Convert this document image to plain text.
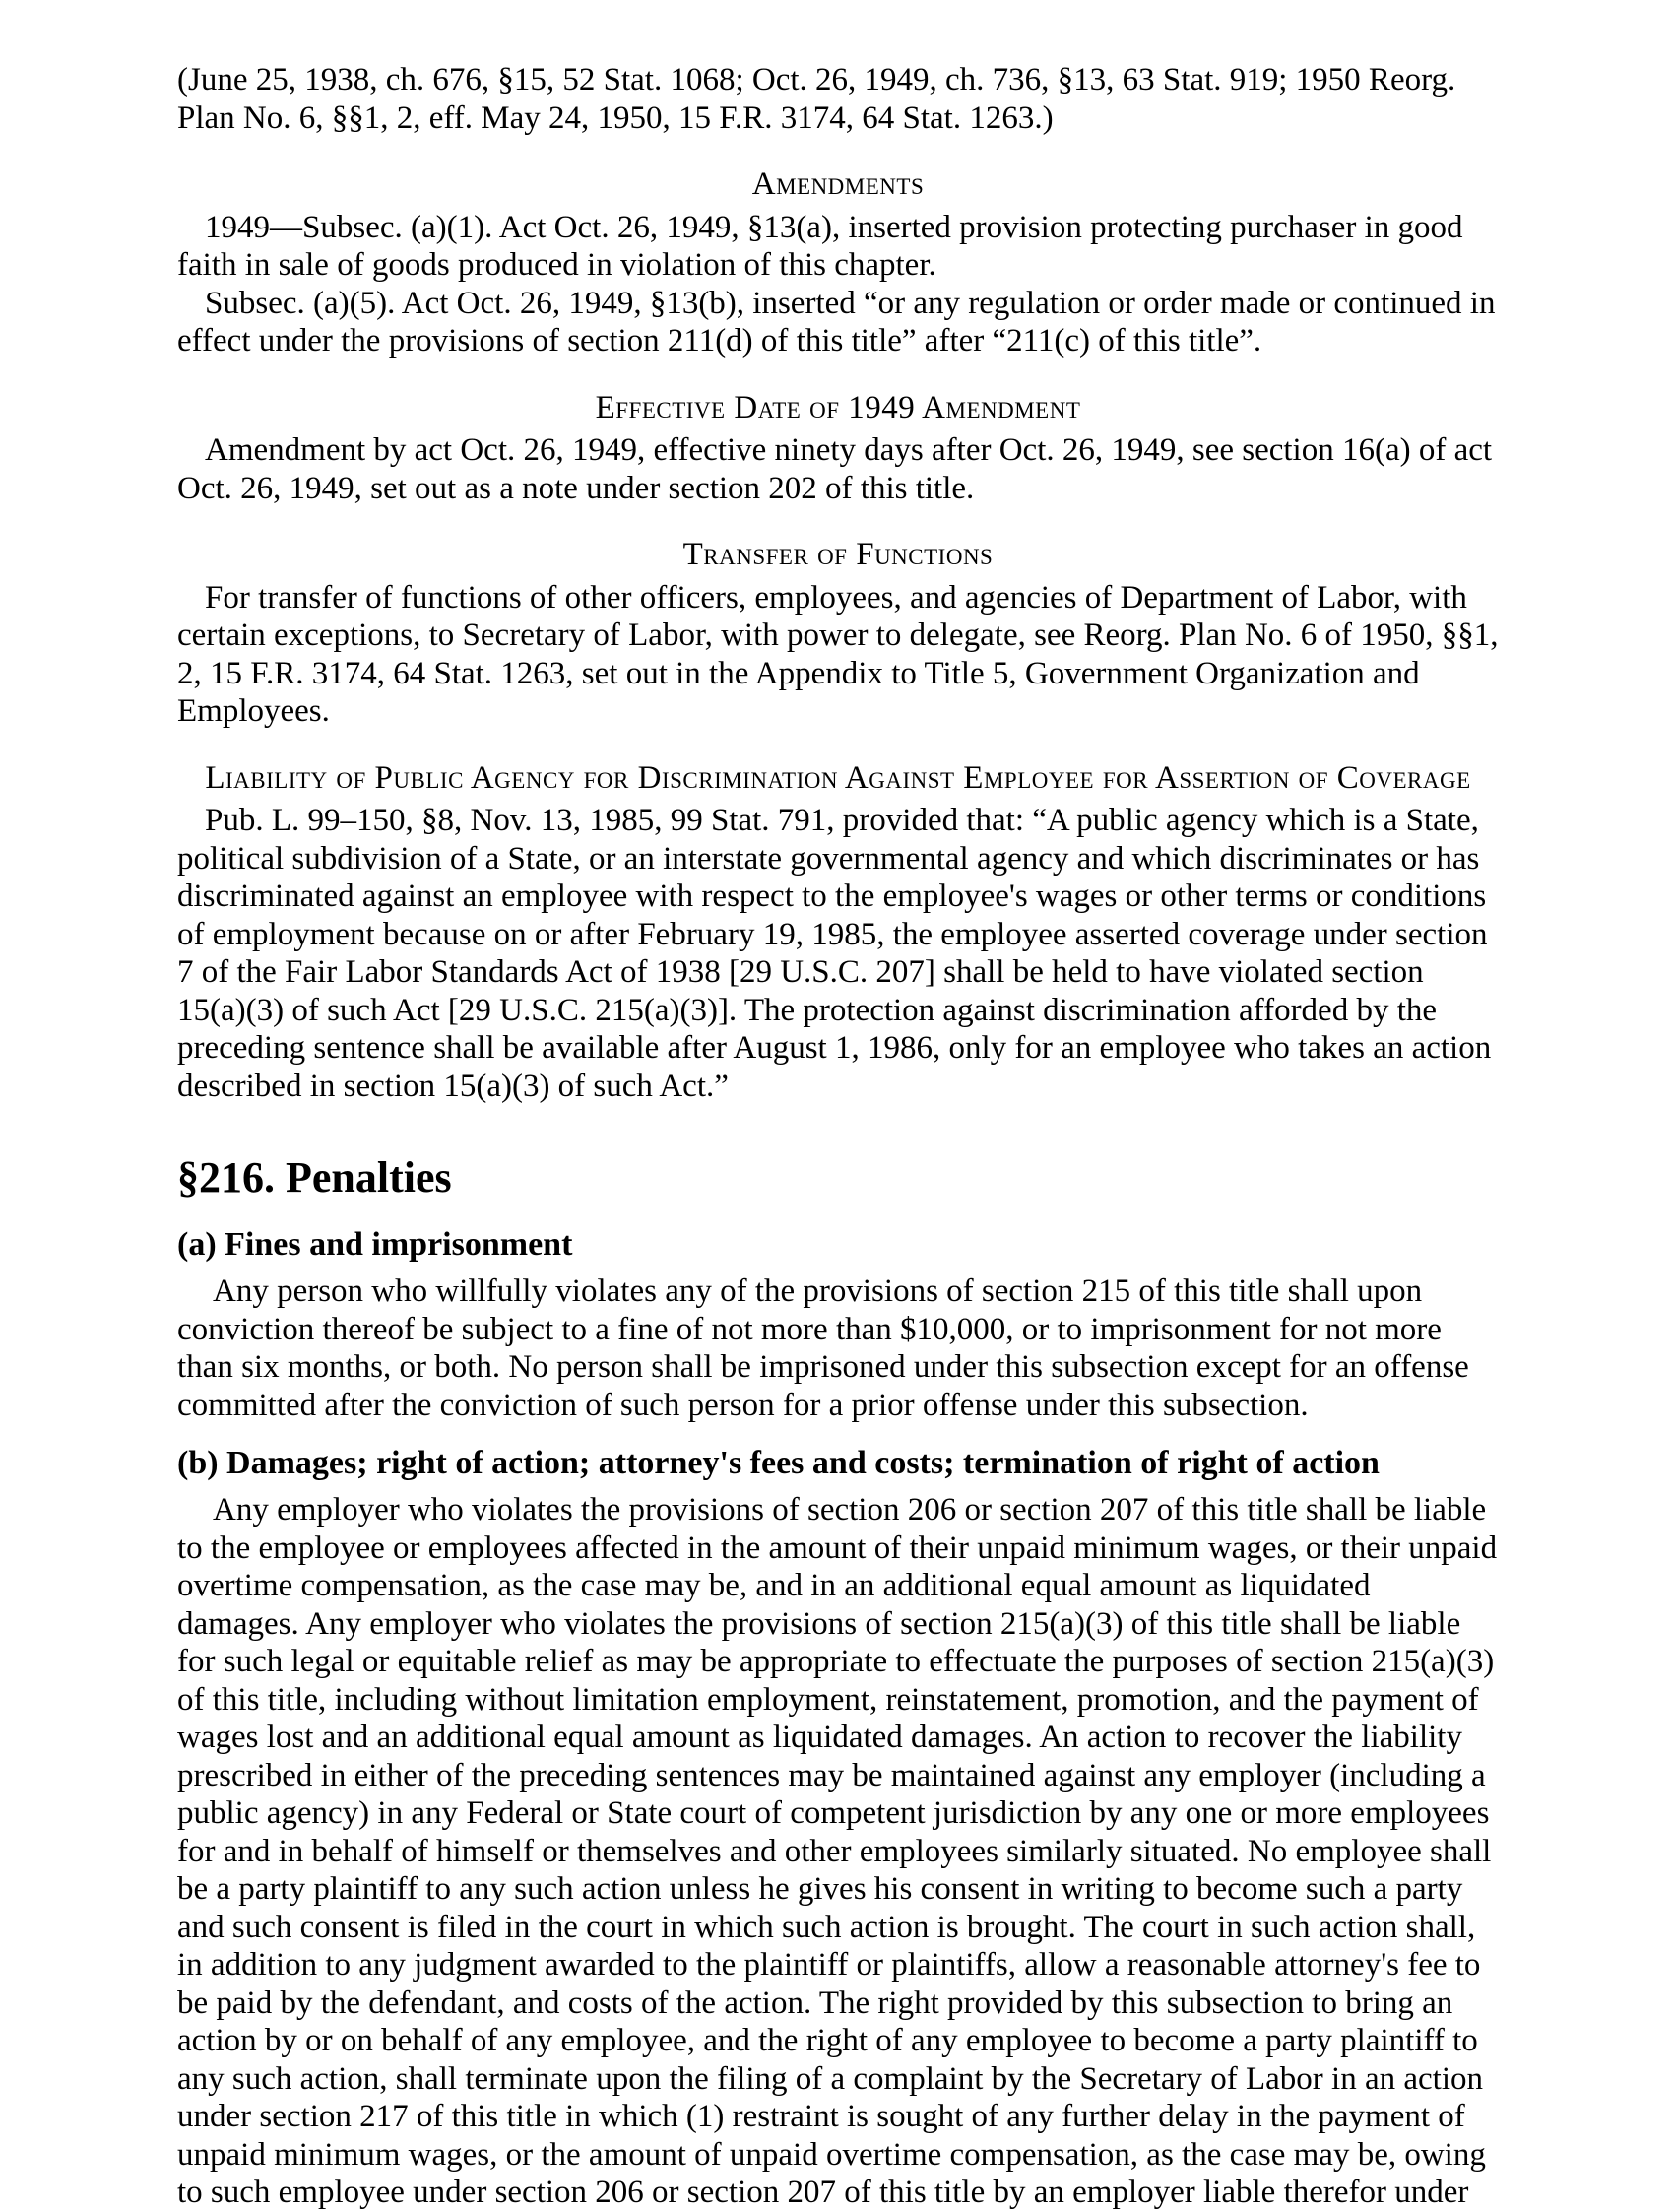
(June 25, 1938, ch. 676, §15, 52 Stat. 1068; Oct. 26, 1949, ch. 736, §13, 63 Stat. 919; 1950 Reorg. Plan No. 6, §§1, 2, eff. May 24, 1950, 15 F.R. 3174, 64 Stat. 1263.)

Amendments

1949—Subsec. (a)(1). Act Oct. 26, 1949, §13(a), inserted provision protecting purchaser in good faith in sale of goods produced in violation of this chapter.

Subsec. (a)(5). Act Oct. 26, 1949, §13(b), inserted “or any regulation or order made or continued in effect under the provisions of section 211(d) of this title” after “211(c) of this title”.

Effective Date of 1949 Amendment

Amendment by act Oct. 26, 1949, effective ninety days after Oct. 26, 1949, see section 16(a) of act Oct. 26, 1949, set out as a note under section 202 of this title.

Transfer of Functions

For transfer of functions of other officers, employees, and agencies of Department of Labor, with certain exceptions, to Secretary of Labor, with power to delegate, see Reorg. Plan No. 6 of 1950, §§1, 2, 15 F.R. 3174, 64 Stat. 1263, set out in the Appendix to Title 5, Government Organization and Employees.

Liability of Public Agency for Discrimination Against Employee for Assertion of Coverage

Pub. L. 99–150, §8, Nov. 13, 1985, 99 Stat. 791, provided that: “A public agency which is a State, political subdivision of a State, or an interstate governmental agency and which discriminates or has discriminated against an employee with respect to the employee's wages or other terms or conditions of employment because on or after February 19, 1985, the employee asserted coverage under section 7 of the Fair Labor Standards Act of 1938 [29 U.S.C. 207] shall be held to have violated section 15(a)(3) of such Act [29 U.S.C. 215(a)(3)]. The protection against discrimination afforded by the preceding sentence shall be available after August 1, 1986, only for an employee who takes an action described in section 15(a)(3) of such Act.”

§216. Penalties
(a) Fines and imprisonment

Any person who willfully violates any of the provisions of section 215 of this title shall upon conviction thereof be subject to a fine of not more than $10,000, or to imprisonment for not more than six months, or both. No person shall be imprisoned under this subsection except for an offense committed after the conviction of such person for a prior offense under this subsection.

(b) Damages; right of action; attorney's fees and costs; termination of right of action

Any employer who violates the provisions of section 206 or section 207 of this title shall be liable to the employee or employees affected in the amount of their unpaid minimum wages, or their unpaid overtime compensation, as the case may be, and in an additional equal amount as liquidated damages. Any employer who violates the provisions of section 215(a)(3) of this title shall be liable for such legal or equitable relief as may be appropriate to effectuate the purposes of section 215(a)(3) of this title, including without limitation employment, reinstatement, promotion, and the payment of wages lost and an additional equal amount as liquidated damages. An action to recover the liability prescribed in either of the preceding sentences may be maintained against any employer (including a public agency) in any Federal or State court of competent jurisdiction by any one or more employees for and in behalf of himself or themselves and other employees similarly situated. No employee shall be a party plaintiff to any such action unless he gives his consent in writing to become such a party and such consent is filed in the court in which such action is brought. The court in such action shall, in addition to any judgment awarded to the plaintiff or plaintiffs, allow a reasonable attorney's fee to be paid by the defendant, and costs of the action. The right provided by this subsection to bring an action by or on behalf of any employee, and the right of any employee to become a party plaintiff to any such action, shall terminate upon the filing of a complaint by the Secretary of Labor in an action under section 217 of this title in which (1) restraint is sought of any further delay in the payment of unpaid minimum wages, or the amount of unpaid overtime compensation, as the case may be, owing to such employee under section 206 or section 207 of this title by an employer liable therefor under
